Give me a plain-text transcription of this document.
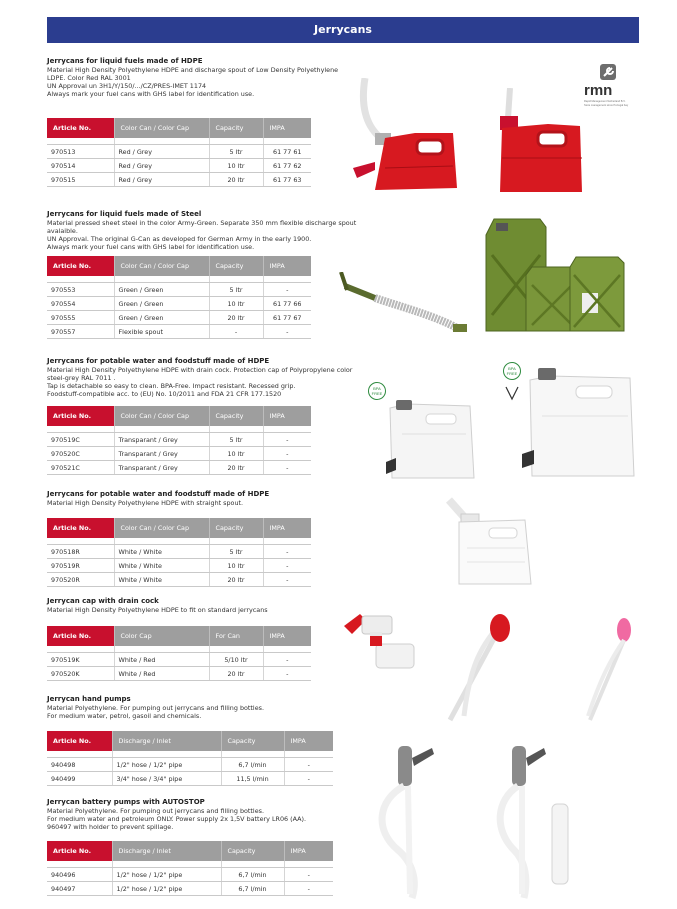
Jerrycans
rmn
Rapid Management Netherland B.V.
Store management since Portugal bay
Jerrycans for liquid fuels made of HDPE
Material High Density Polyethylene HDPE and discharge spout of Low Density Polyethylene LDPE. Color Red RAL 3001
UN Approval un 3H1/Y/150/.../CZ/PRES-IMET 1174
Always mark your fuel cans with GHS label for identification use.
Article No.	Color Can / Color Cap	Capacity	IMPA

970513	Red / Grey	5 ltr	61 77 61
970514	Red / Grey	10 ltr	61 77 62
970515	Red / Grey	20 ltr	61 77 63
Jerrycans for liquid fuels made of Steel
Material pressed sheet steel in the color Army-Green. Separate 350 mm flexible discharge spout avalaible.
UN Approval. The original G-Can as developed for German Army in the early 1900.
Always mark your fuel cans with GHS label for identification use.
Article No.	Color Can / Color Cap	Capacity	IMPA

970553	Green / Green	5 ltr	-
970554	Green / Green	10 ltr	61 77 66
970555	Green / Green	20 ltr	61 77 67
970557	Flexible spout	-	-
Jerrycans for potable water and foodstuff made of HDPE
Material High Density Polyethylene HDPE with drain cock. Protection cap of Polypropylene color steel-grey RAL 7011 .
Tap is detachable so easy to clean. BPA-Free. Impact resistant. Recessed grip.
Foodstuff-compatible acc. to (EU) No. 10/2011 and FDA 21 CFR 177.1520
Article No.	Color Can / Color Cap	Capacity	IMPA

970519C	Transparant / Grey	5 ltr	-
970520C	Transparant / Grey	10 ltr	-
970521C	Transparant / Grey	20 ltr	-
BPA
FREE
BPA
FREE
Jerrycans for potable water and foodstuff made of HDPE
Material High Density Polyethylene HDPE with straight spout.
Article No.	Color Can / Color Cap	Capacity	IMPA

970518R	White / White	5 ltr	-
970519R	White / White	10 ltr	-
970520R	White / White	20 ltr	-
Jerrycan cap with drain cock
Material High Density Polyethylene HDPE to fit on standard jerrycans
Article No.	Color Cap	For Can	IMPA

970519K	White / Red	5/10 ltr	-
970520K	White / Red	20 ltr	-
Jerrycan hand pumps
Material Polyethylene. For pumping out jerrycans and filling bottles.
For medium water, petrol, gasoil and chemicals.
Article No.	Discharge / Inlet	Capacity	IMPA

940498	1/2" hose / 1/2" pipe	6,7 l/min	-
940499	3/4" hose / 3/4" pipe	11,5 l/min	-
Jerrycan battery pumps with AUTOSTOP
Material Polyethylene. For pumping out jerrycans and filling bottles.
For medium water and petroleum ONLY. Power supply 2x 1,5V battery LR06 (AA).
960497 with holder to prevent spillage.
Article No.	Discharge / Inlet	Capacity	IMPA

940496	1/2" hose / 1/2" pipe	6,7 l/min	-
940497	1/2" hose / 1/2" pipe	6,7 l/min	-
